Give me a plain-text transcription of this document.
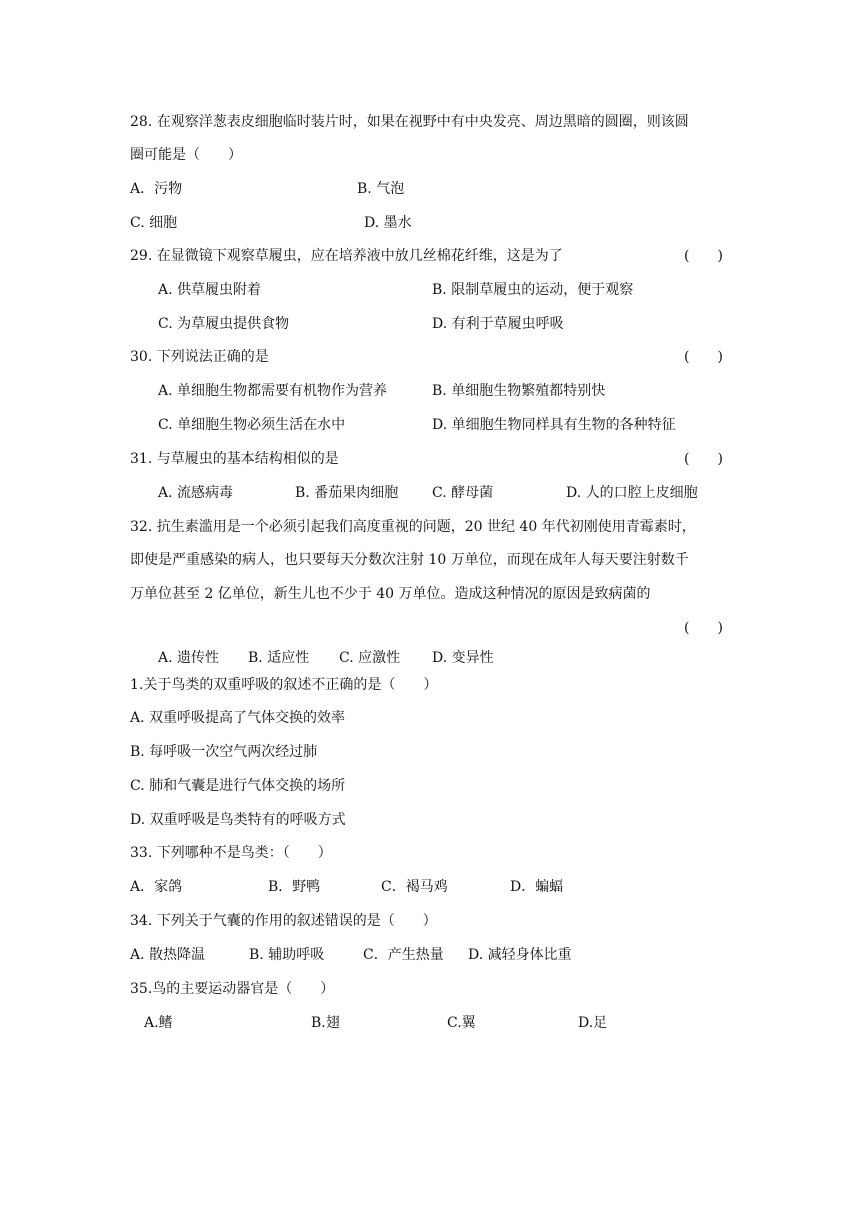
28. 在观察洋葱表皮细胞临时装片时，如果在视野中有中央发亮、周边黑暗的圆圈，则该圆
圈可能是（　　）
A．污物	B. 气泡
C. 细胞	D. 墨水
29. 在显微镜下观察草履虫，应在培养液中放几丝棉花纤维，这是为了	(　　)
A. 供草履虫附着	B. 限制草履虫的运动，便于观察
C. 为草履虫提供食物	D. 有利于草履虫呼吸
30. 下列说法正确的是	(　　)
A. 单细胞生物都需要有机物作为营养	B. 单细胞生物繁殖都特别快
C. 单细胞生物必须生活在水中	D. 单细胞生物同样具有生物的各种特征
31. 与草履虫的基本结构相似的是	(　　)
A. 流感病毒	B. 番茄果肉细胞 C. 酵母菌	D. 人的口腔上皮细胞
32. 抗生素滥用是一个必须引起我们高度重视的问题，20 世纪 40 年代初刚使用青霉素时，
即使是严重感染的病人，也只要每天分数次注射 10 万单位，而现在成年人每天要注射数千
万单位甚至 2 亿单位，新生儿也不少于 40 万单位。造成这种情况的原因是致病菌的
(　　)
A. 遗传性 B. 适应性 C. 应激性 D. 变异性
1.关于鸟类的双重呼吸的叙述不正确的是（　　）
A. 双重呼吸提高了气体交换的效率
B. 每呼吸一次空气两次经过肺
C. 肺和气囊是进行气体交换的场所
D. 双重呼吸是鸟类特有的呼吸方式
33. 下列哪种不是鸟类：（　　）
A．家鸽	B．野鸭	C．褐马鸡	D．蝙蝠
34. 下列关于气囊的作用的叙述错误的是（　　）
A. 散热降温	B. 辅助呼吸	C．产生热量 D. 减轻身体比重
35.鸟的主要运动器官是（　　）
A.鳍	B.翅	C.翼	D.足
